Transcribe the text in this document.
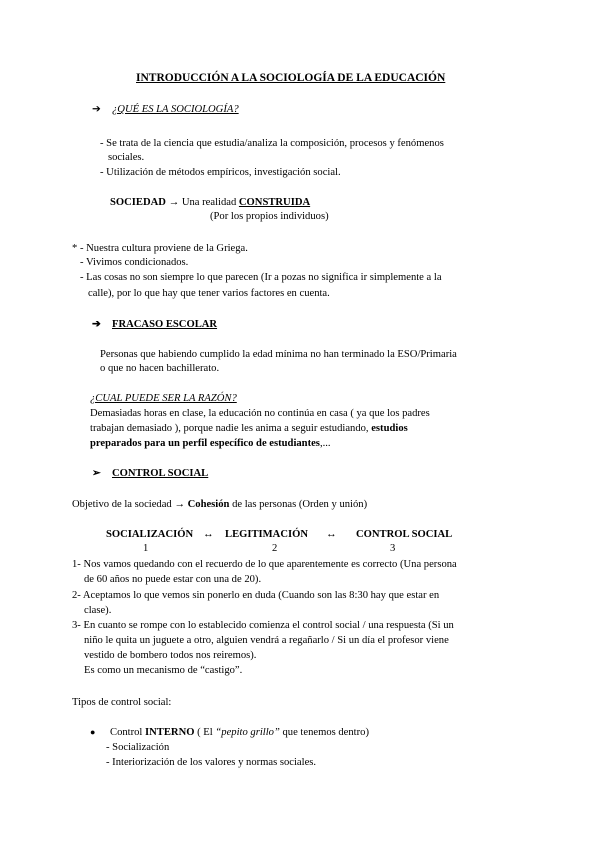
INTRODUCCIÓN A LA SOCIOLOGÍA DE LA EDUCACIÓN
➔ ¿QUÉ ES LA SOCIOLOGÍA?
- Se trata de la ciencia que estudia/analiza la composición, procesos y fenómenos
sociales.
- Utilización de métodos empíricos, investigación social.
SOCIEDAD → Una realidad CONSTRUIDA
(Por los propios individuos)
* - Nuestra cultura proviene de la Griega.
- Vivimos condicionados.
- Las cosas no son siempre lo que parecen (Ir a pozas no significa ir simplemente a la
calle), por lo que hay que tener varios factores en cuenta.
➔ FRACASO ESCOLAR
Personas que habiendo cumplido la edad mínima no han terminado la ESO/Primaria
o que no hacen bachillerato.
¿CUAL PUEDE SER LA RAZÓN?
Demasiadas horas en clase, la educación no continúa en casa ( ya que los padres
trabajan demasiado ), porque nadie les anima a seguir estudiando, estudios
preparados para un perfil específico de estudiantes,...
➢ CONTROL SOCIAL
Objetivo de la sociedad → Cohesión de las personas (Orden y unión)
SOCIALIZACIÓN ↔ LEGITIMACIÓN ↔ CONTROL SOCIAL
1	2	3
1- Nos vamos quedando con el recuerdo de lo que aparentemente es correcto (Una persona
de 60 años no puede estar con una de 20).
2- Aceptamos lo que vemos sin ponerlo en duda (Cuando son las 8:30 hay que estar en
clase).
3- En cuanto se rompe con lo establecido comienza el control social / una respuesta (Si un
niño le quita un juguete a otro, alguien vendrá a regañarlo / Si un día el profesor viene
vestido de bombero todos nos reiremos).
Es como un mecanismo de “castigo”.
Tipos de control social:
● Control INTERNO ( El “pepito grillo” que tenemos dentro)
- Socialización
- Interiorización de los valores y normas sociales.
